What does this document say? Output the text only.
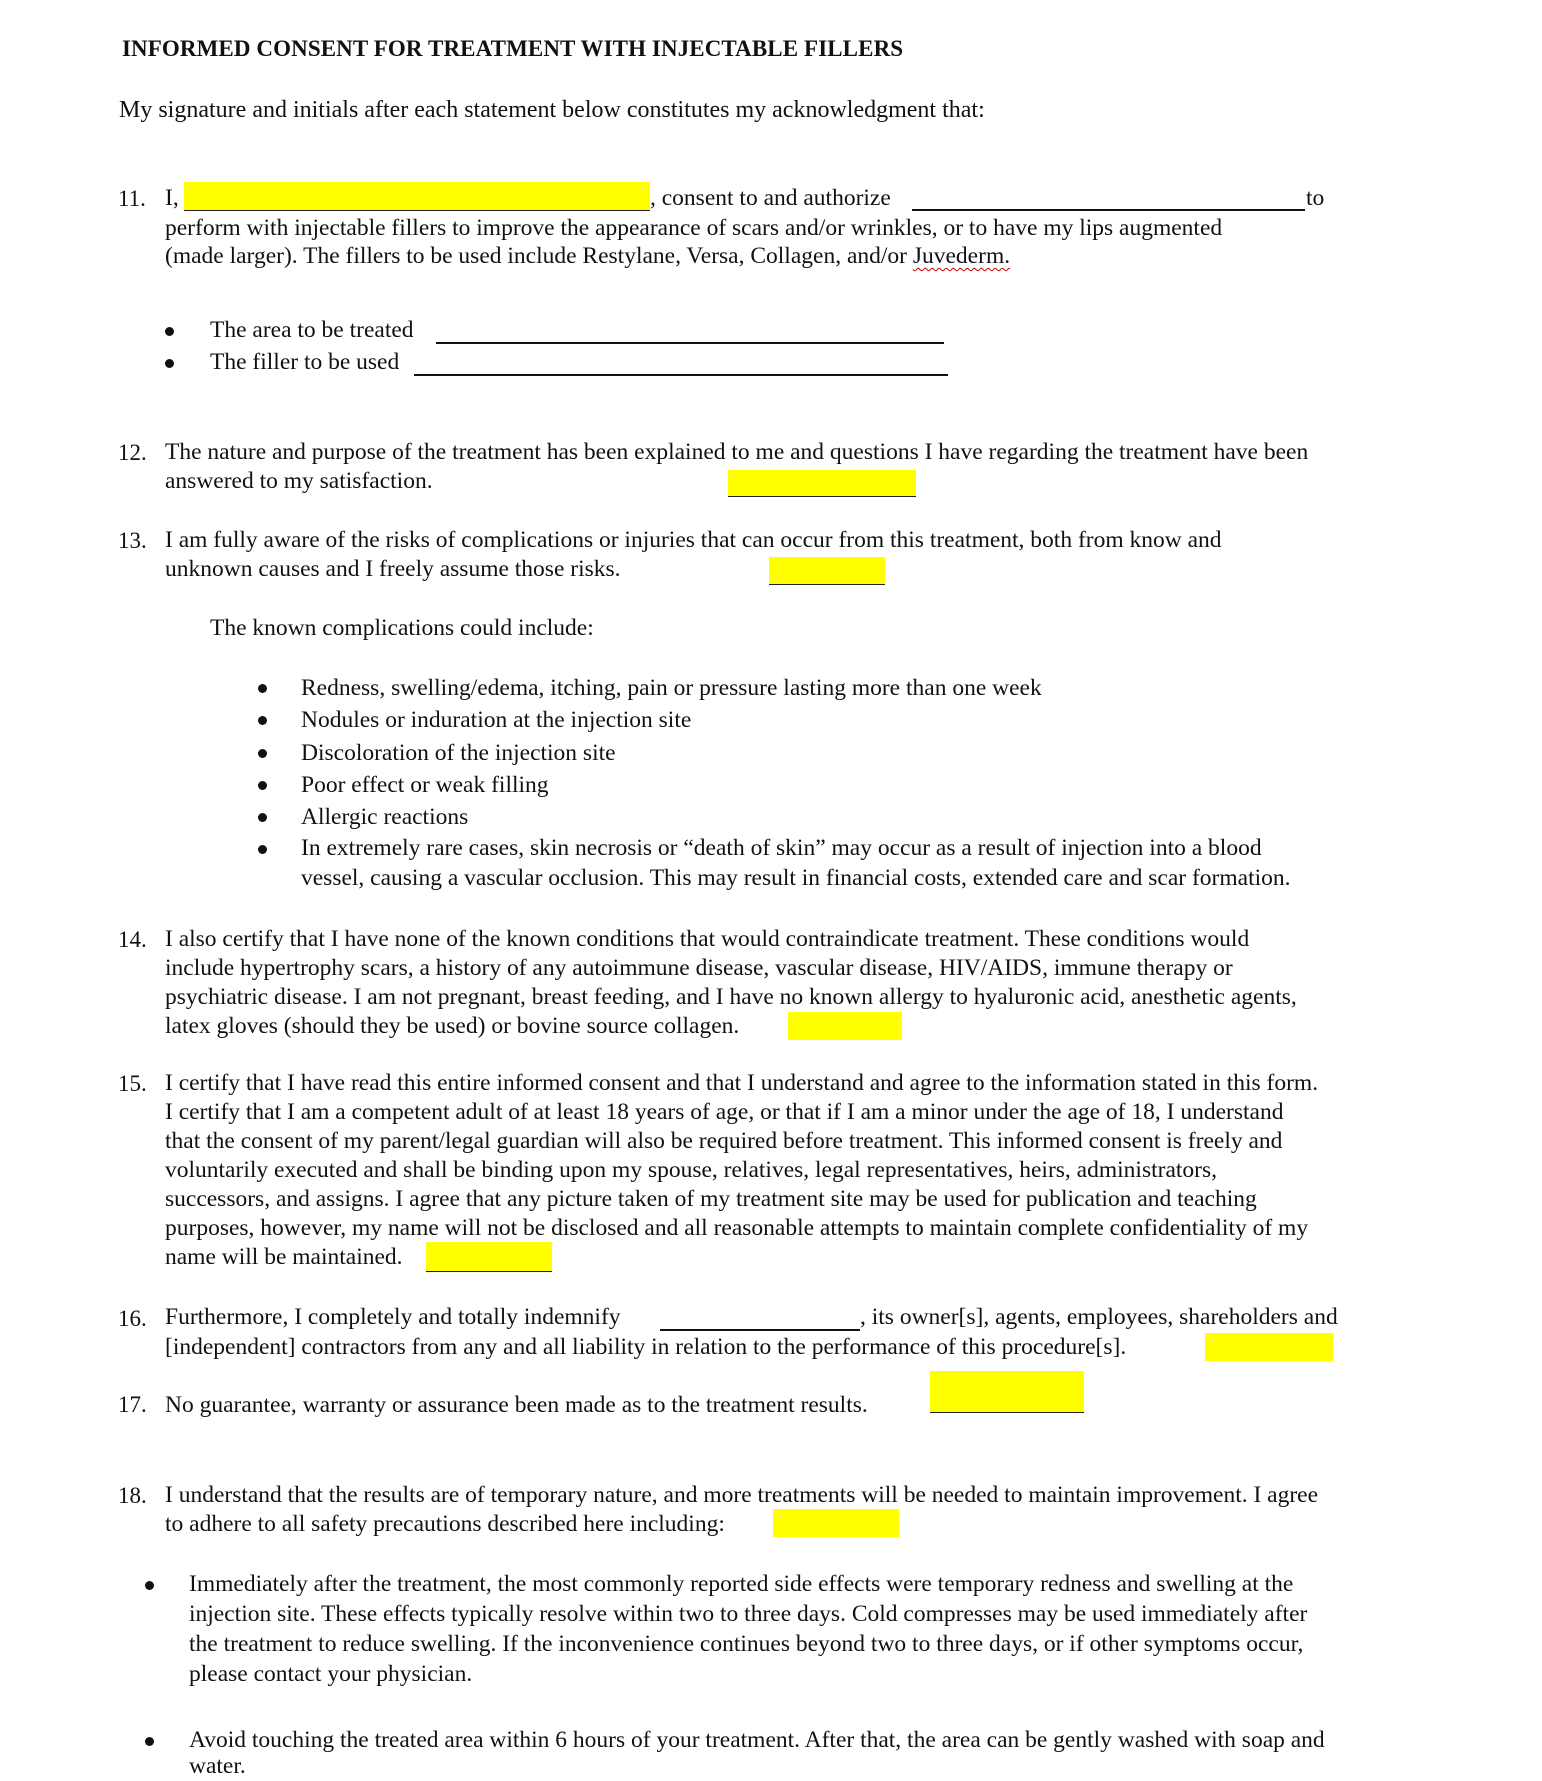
INFORMED CONSENT FOR TREATMENT WITH INJECTABLE FILLERS
My signature and initials after each statement below constitutes my acknowledgment that:
11. I,	, consent to and authorize	to
perform with injectable fillers to improve the appearance of scars and/or wrinkles, or to have my lips augmented
(made larger). The fillers to be used include Restylane, Versa, Collagen, and/or Juvederm.
The area to be treated
The filler to be used
12. The nature and purpose of the treatment has been explained to me and questions I have regarding the treatment have been
answered to my satisfaction.
13. I am fully aware of the risks of complications or injuries that can occur from this treatment, both from know and
unknown causes and I freely assume those risks.
The known complications could include:
Redness, swelling/edema, itching, pain or pressure lasting more than one week
Nodules or induration at the injection site
Discoloration of the injection site
Poor effect or weak filling
Allergic reactions
In extremely rare cases, skin necrosis or “death of skin” may occur as a result of injection into a blood
vessel, causing a vascular occlusion. This may result in financial costs, extended care and scar formation.
14. I also certify that I have none of the known conditions that would contraindicate treatment. These conditions would
include hypertrophy scars, a history of any autoimmune disease, vascular disease, HIV/AIDS, immune therapy or
psychiatric disease. I am not pregnant, breast feeding, and I have no known allergy to hyaluronic acid, anesthetic agents,
latex gloves (should they be used) or bovine source collagen.
15. I certify that I have read this entire informed consent and that I understand and agree to the information stated in this form.
I certify that I am a competent adult of at least 18 years of age, or that if I am a minor under the age of 18, I understand
that the consent of my parent/legal guardian will also be required before treatment. This informed consent is freely and
voluntarily executed and shall be binding upon my spouse, relatives, legal representatives, heirs, administrators,
successors, and assigns. I agree that any picture taken of my treatment site may be used for publication and teaching
purposes, however, my name will not be disclosed and all reasonable attempts to maintain complete confidentiality of my
name will be maintained.
16. Furthermore, I completely and totally indemnify	, its owner[s], agents, employees, shareholders and
[independent] contractors from any and all liability in relation to the performance of this procedure[s].
17. No guarantee, warranty or assurance been made as to the treatment results.
18. I understand that the results are of temporary nature, and more treatments will be needed to maintain improvement. I agree
to adhere to all safety precautions described here including:
Immediately after the treatment, the most commonly reported side effects were temporary redness and swelling at the
injection site. These effects typically resolve within two to three days. Cold compresses may be used immediately after
the treatment to reduce swelling. If the inconvenience continues beyond two to three days, or if other symptoms occur,
please contact your physician.
Avoid touching the treated area within 6 hours of your treatment. After that, the area can be gently washed with soap and
water.
